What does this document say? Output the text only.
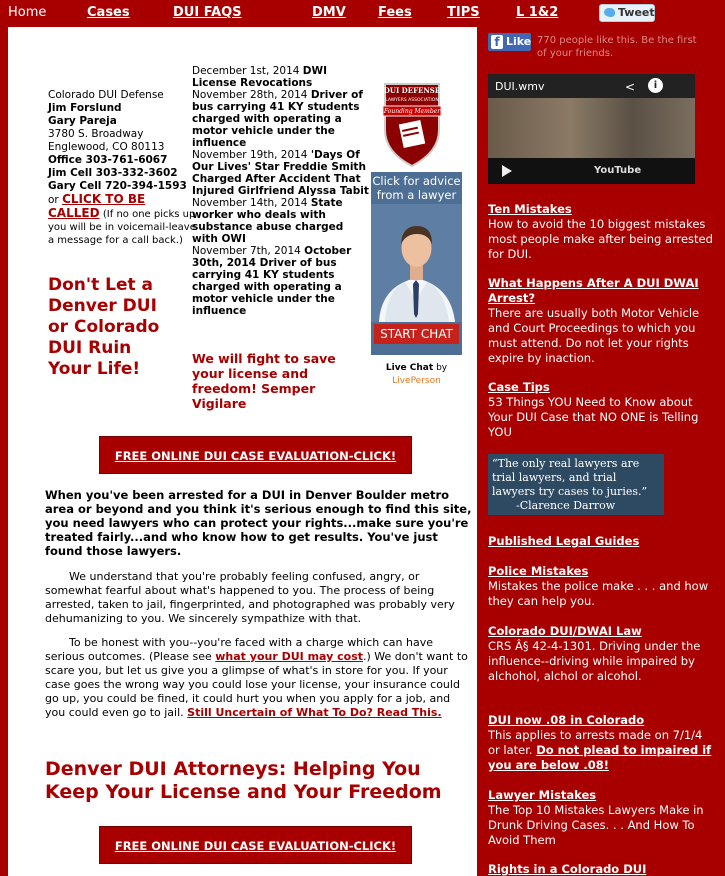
Home	Cases	DUI FAQS	DMV Fees	TIPS	L 1&2	Tweet
Colorado DUI Defense
Jim Forslund
Gary Pareja
3780 S. Broadway
Englewood, CO 80113
Office 303-761-6067
Jim Cell 303-332-3602
Gary Cell 720-394-1593
or CLICK TO BE CALLED (If no one picks up you will be in voicemail-leave a message for a call back.)
Don't Let a Denver DUI or Colorado DUI Ruin Your Life!
December 1st, 2014 DWI License Revocations
November 28th, 2014 Driver of bus carrying 41 KY students charged with operating a motor vehicle under the influence
November 19th, 2014 'Days Of Our Lives' Star Freddie Smith Charged After Accident That Injured Girlfriend Alyssa Tabit
November 14th, 2014 State worker who deals with substance abuse charged with OWI
November 7th, 2014 October 30th, 2014 Driver of bus carrying 41 KY students charged with operating a motor vehicle under the influence
We will fight to save your license and freedom! Semper Vigilare
DUI DEFENSE
LAWYERS ASSOCIATION
Founding Member
Click for advice from a lawyer
START CHAT
Live Chat by
LivePerson
FREE ONLINE DUI CASE EVALUATION-CLICK!
When you've been arrested for a DUI in Denver Boulder metro area or beyond and you think it's serious enough to find this site, you need lawyers who can protect your rights...make sure you're treated fairly...and who know how to get results. You've just found those lawyers.
We understand that you're probably feeling confused, angry, or somewhat fearful about what's happened to you. The process of being arrested, taken to jail, fingerprinted, and photographed was probably very dehumanizing to you. We sincerely sympathize with that.
To be honest with you--you're faced with a charge which can have serious outcomes. (Please see what your DUI may cost.) We don't want to scare you, but let us give you a glimpse of what's in store for you. If your case goes the wrong way you could lose your license, your insurance could go up, you could be fined, it could hurt you when you apply for a job, and you could even go to jail. Still Uncertain of What To Do? Read This.
Denver DUI Attorneys: Helping You Keep Your License and Your Freedom
FREE ONLINE DUI CASE EVALUATION-CLICK!
f Like 770 people like this. Be the first of your friends.
DUI.wmv	<	i
YouTube
Ten Mistakes
How to avoid the 10 biggest mistakes most people make after being arrested for DUI.
What Happens After A DUI DWAI Arrest?
There are usually both Motor Vehicle and Court Proceedings to which you must attend. Do not let your rights expire by inaction.
Case Tips
53 Things YOU Need to Know about Your DUI Case that NO ONE is Telling YOU
“The only real lawyers are trial lawyers, and trial lawyers try cases to juries.”
-Clarence Darrow
Published Legal Guides
Police Mistakes
Mistakes the police make . . . and how they can help you.
Colorado DUI/DWAI Law
CRS Â§ 42-4-1301. Driving under the influence--driving while impaired by alchohol, alchol or alcohol.
DUI now .08 in Colorado
This applies to arrests made on 7/1/4 or later. Do not plead to impaired if you are below .08!
Lawyer Mistakes
The Top 10 Mistakes Lawyers Make in Drunk Driving Cases. . . And How To Avoid Them
Rights in a Colorado DUI
